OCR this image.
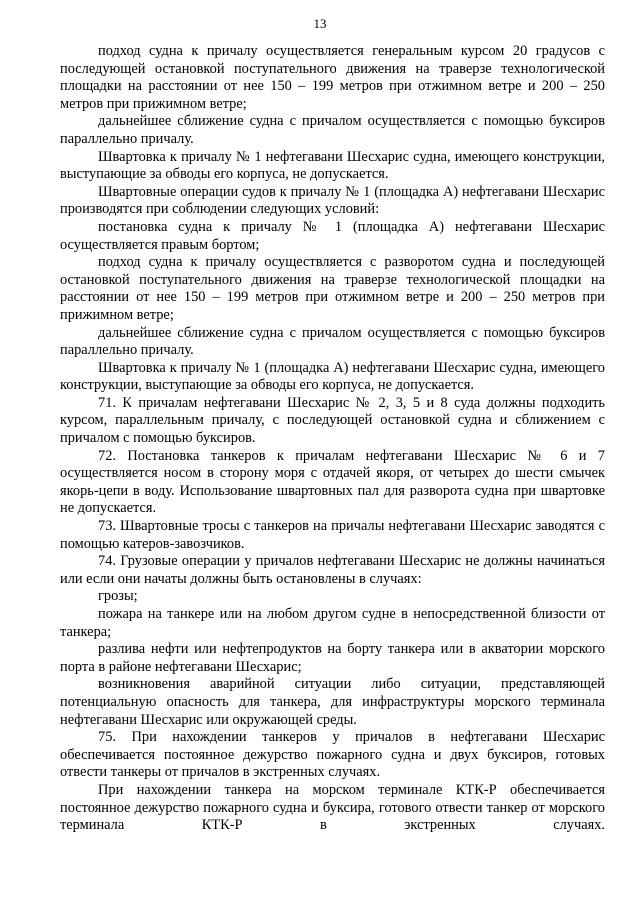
13

подход судна к причалу осуществляется генеральным курсом 20 градусов с последующей остановкой поступательного движения на траверзе технологической площадки на расстоянии от нее 150 – 199 метров при отжимном ветре и 200 – 250 метров при прижимном ветре;

дальнейшее сближение судна с причалом осуществляется с помощью буксиров параллельно причалу.

Швартовка к причалу № 1 нефтегавани Шесхарис судна, имеющего конструкции, выступающие за обводы его корпуса, не допускается.

Швартовные операции судов к причалу № 1 (площадка А) нефтегавани Шесхарис производятся при соблюдении следующих условий:

постановка судна к причалу № 1 (площадка А) нефтегавани Шесхарис осуществляется правым бортом;

подход судна к причалу осуществляется с разворотом судна и последующей остановкой поступательного движения на траверзе технологической площадки на расстоянии от нее 150 – 199 метров при отжимном ветре и 200 – 250 метров при прижимном ветре;

дальнейшее сближение судна с причалом осуществляется с помощью буксиров параллельно причалу.

Швартовка к причалу № 1 (площадка А) нефтегавани Шесхарис судна, имеющего конструкции, выступающие за обводы его корпуса, не допускается.

71. К причалам нефтегавани Шесхарис № 2, 3, 5 и 8 суда должны подходить курсом, параллельным причалу, с последующей остановкой судна и сближением с причалом с помощью буксиров.

72. Постановка танкеров к причалам нефтегавани Шесхарис № 6 и 7 осуществляется носом в сторону моря с отдачей якоря, от четырех до шести смычек якорь-цепи в воду. Использование швартовных пал для разворота судна при швартовке не допускается.

73. Швартовные тросы с танкеров на причалы нефтегавани Шесхарис заводятся с помощью катеров-завозчиков.

74. Грузовые операции у причалов нефтегавани Шесхарис не должны начинаться или если они начаты должны быть остановлены в случаях:

грозы;

пожара на танкере или на любом другом судне в непосредственной близости от танкера;

разлива нефти или нефтепродуктов на борту танкера или в акватории морского порта в районе нефтегавани Шесхарис;

возникновения аварийной ситуации либо ситуации, представляющей потенциальную опасность для танкера, для инфраструктуры морского терминала нефтегавани Шесхарис или окружающей среды.

75. При нахождении танкеров у причалов в нефтегавани Шесхарис обеспечивается постоянное дежурство пожарного судна и двух буксиров, готовых отвести танкеры от причалов в экстренных случаях.

При нахождении танкера на морском терминале КТК-Р обеспечивается постоянное дежурство пожарного судна и буксира, готового отвести танкер от морского терминала КТК-Р в экстренных случаях.
